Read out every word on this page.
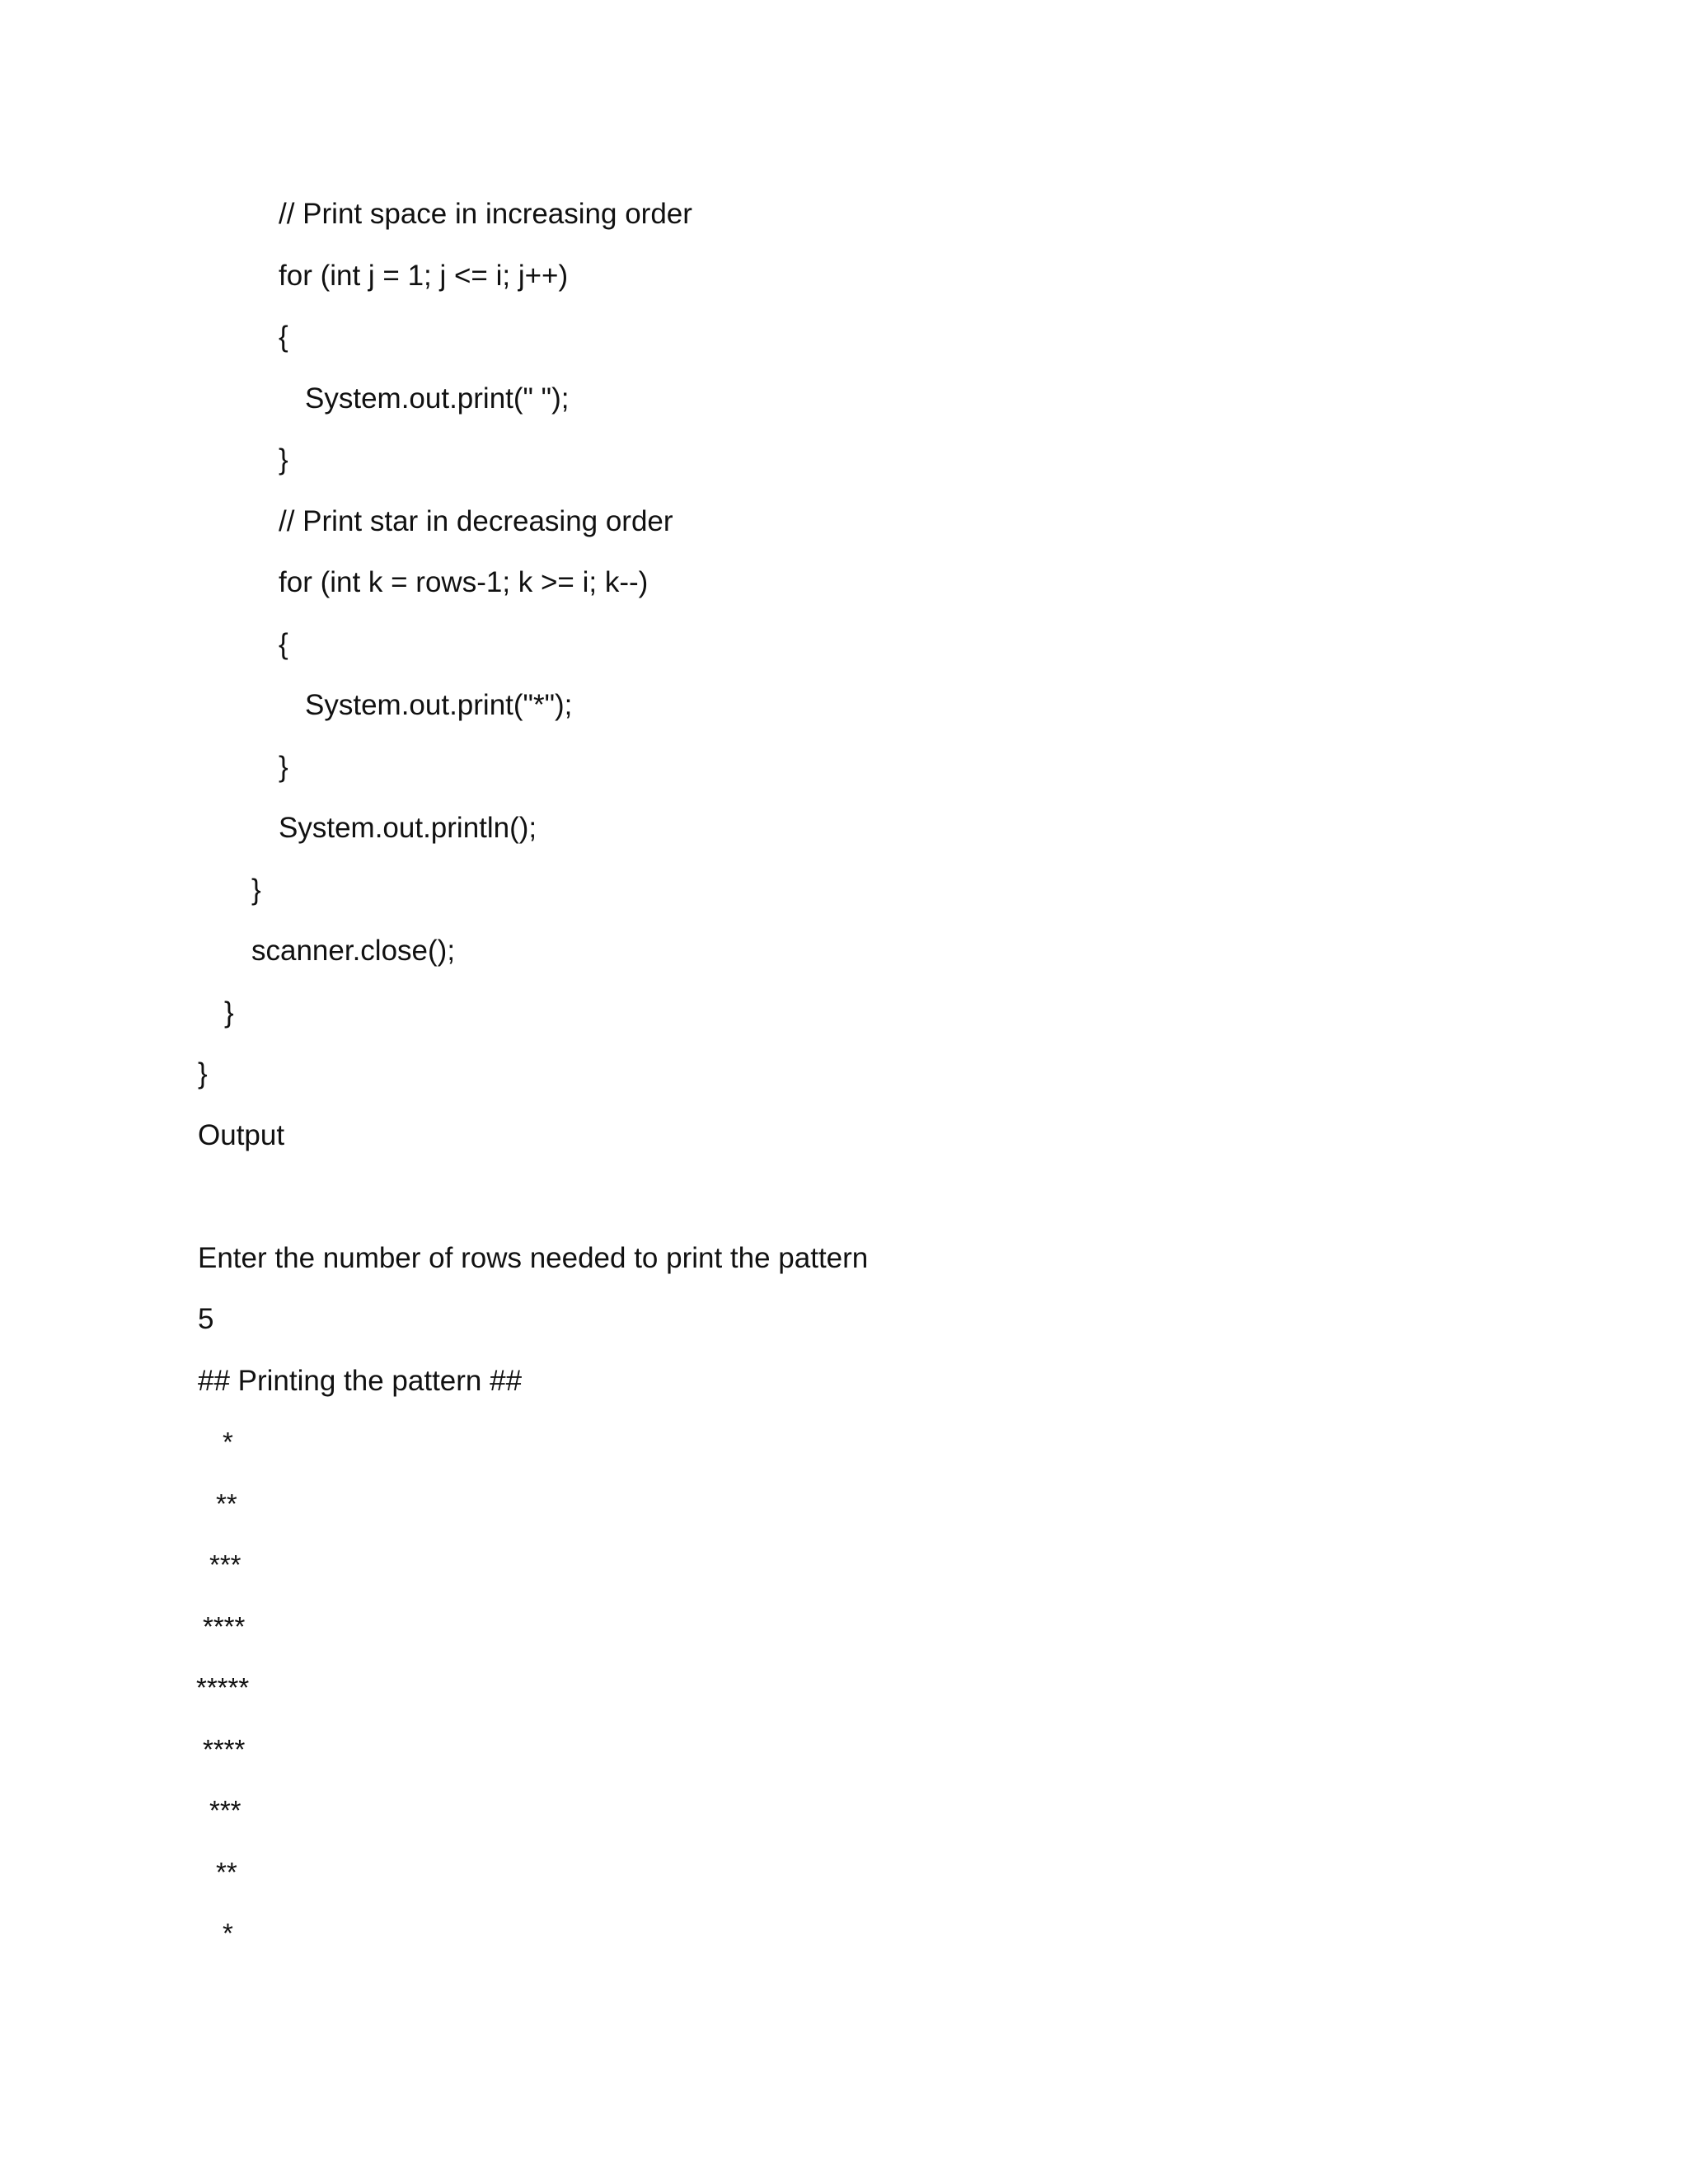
// Print space in increasing order
for (int j = 1; j <= i; j++)
{
System.out.print(" ");
}
// Print star in decreasing order
for (int k = rows-1; k >= i; k--)
{
System.out.print("*");
}
System.out.println();
}
scanner.close();
}
}
Output
Enter the number of rows needed to print the pattern
5
## Printing the pattern ##
*
**
***
****
*****
****
***
**
*
